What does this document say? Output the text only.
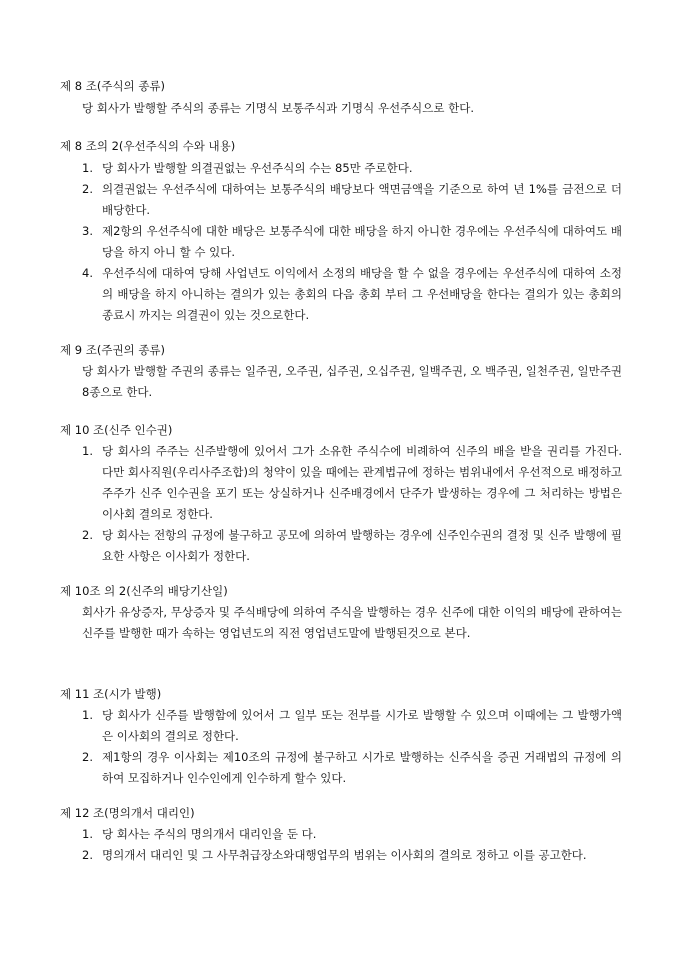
제 8 조(주식의 종류)
당 회사가 발행할 주식의 종류는 기명식 보통주식과 기명식 우선주식으로 한다.
제 8 조의 2(우선주식의 수와 내용)
1. 당 회사가 발행할 의결권없는 우선주식의 수는 85만 주로한다.
2. 의결권없는 우선주식에 대하여는 보통주식의 배당보다 액면금액을 기준으로 하여 년 1%를 금전으로 더 배당한다.
3. 제2항의 우선주식에 대한 배당은 보통주식에 대한 배당을 하지 아니한 경우에는 우선주식에 대하여도 배당을 하지 아니 할 수 있다.
4. 우선주식에 대하여 당해 사업년도 이익에서 소정의 배당을 할 수 없을 경우에는 우선주식에 대하여 소정의 배당을 하지 아니하는 결의가 있는 총회의 다음 총회 부터 그 우선배당을 한다는 결의가 있는 총회의 종료시 까지는 의결권이 있는 것으로한다.
제 9 조(주권의 종류)
당 회사가 발행할 주권의 종류는 일주권, 오주권, 십주권, 오십주권, 일백주권, 오 백주권, 일천주권, 일만주권 8종으로 한다.
제 10 조(신주 인수권)
1. 당 회사의 주주는 신주발행에 있어서 그가 소유한 주식수에 비례하여 신주의 배을 받을 권리를 가진다. 다만 회사직원(우리사주조합)의 청약이 있을 때에는 관계법규에 정하는 범위내에서 우선적으로 배정하고 주주가 신주 인수권을 포기 또는 상실하거나 신주배경에서 단주가 발생하는 경우에 그 처리하는 방법은 이사회 결의로 정한다.
2. 당 회사는 전항의 규정에 불구하고 공모에 의하여 발행하는 경우에 신주인수권의 결정 및 신주 발행에 필요한 사항은 이사회가 정한다.
제 10조 의 2(신주의 배당기산일)
회사가 유상증자, 무상증자 및 주식배당에 의하여 주식을 발행하는 경우 신주에 대한 이익의 배당에 관하여는 신주를 발행한 때가 속하는 영업년도의 직전 영업년도말에 발행된것으로 본다.
제 11 조(시가 발행)
1. 당 회사가 신주를 발행함에 있어서 그 일부 또는 전부를 시가로 발행할 수 있으며 이때에는 그 발행가액은 이사회의 결의로 정한다.
2. 제1항의 경우 이사회는 제10조의 규정에 불구하고 시가로 발행하는 신주식을 증권 거래법의 규정에 의하여 모집하거나 인수인에게 인수하게 할수 있다.
제 12 조(명의개서 대리인)
1. 당 회사는 주식의 명의개서 대리인을 둔 다.
2. 명의개서 대리인 및 그 사무취급장소와대행업무의 범위는 이사회의 결의로 정하고 이를 공고한다.
